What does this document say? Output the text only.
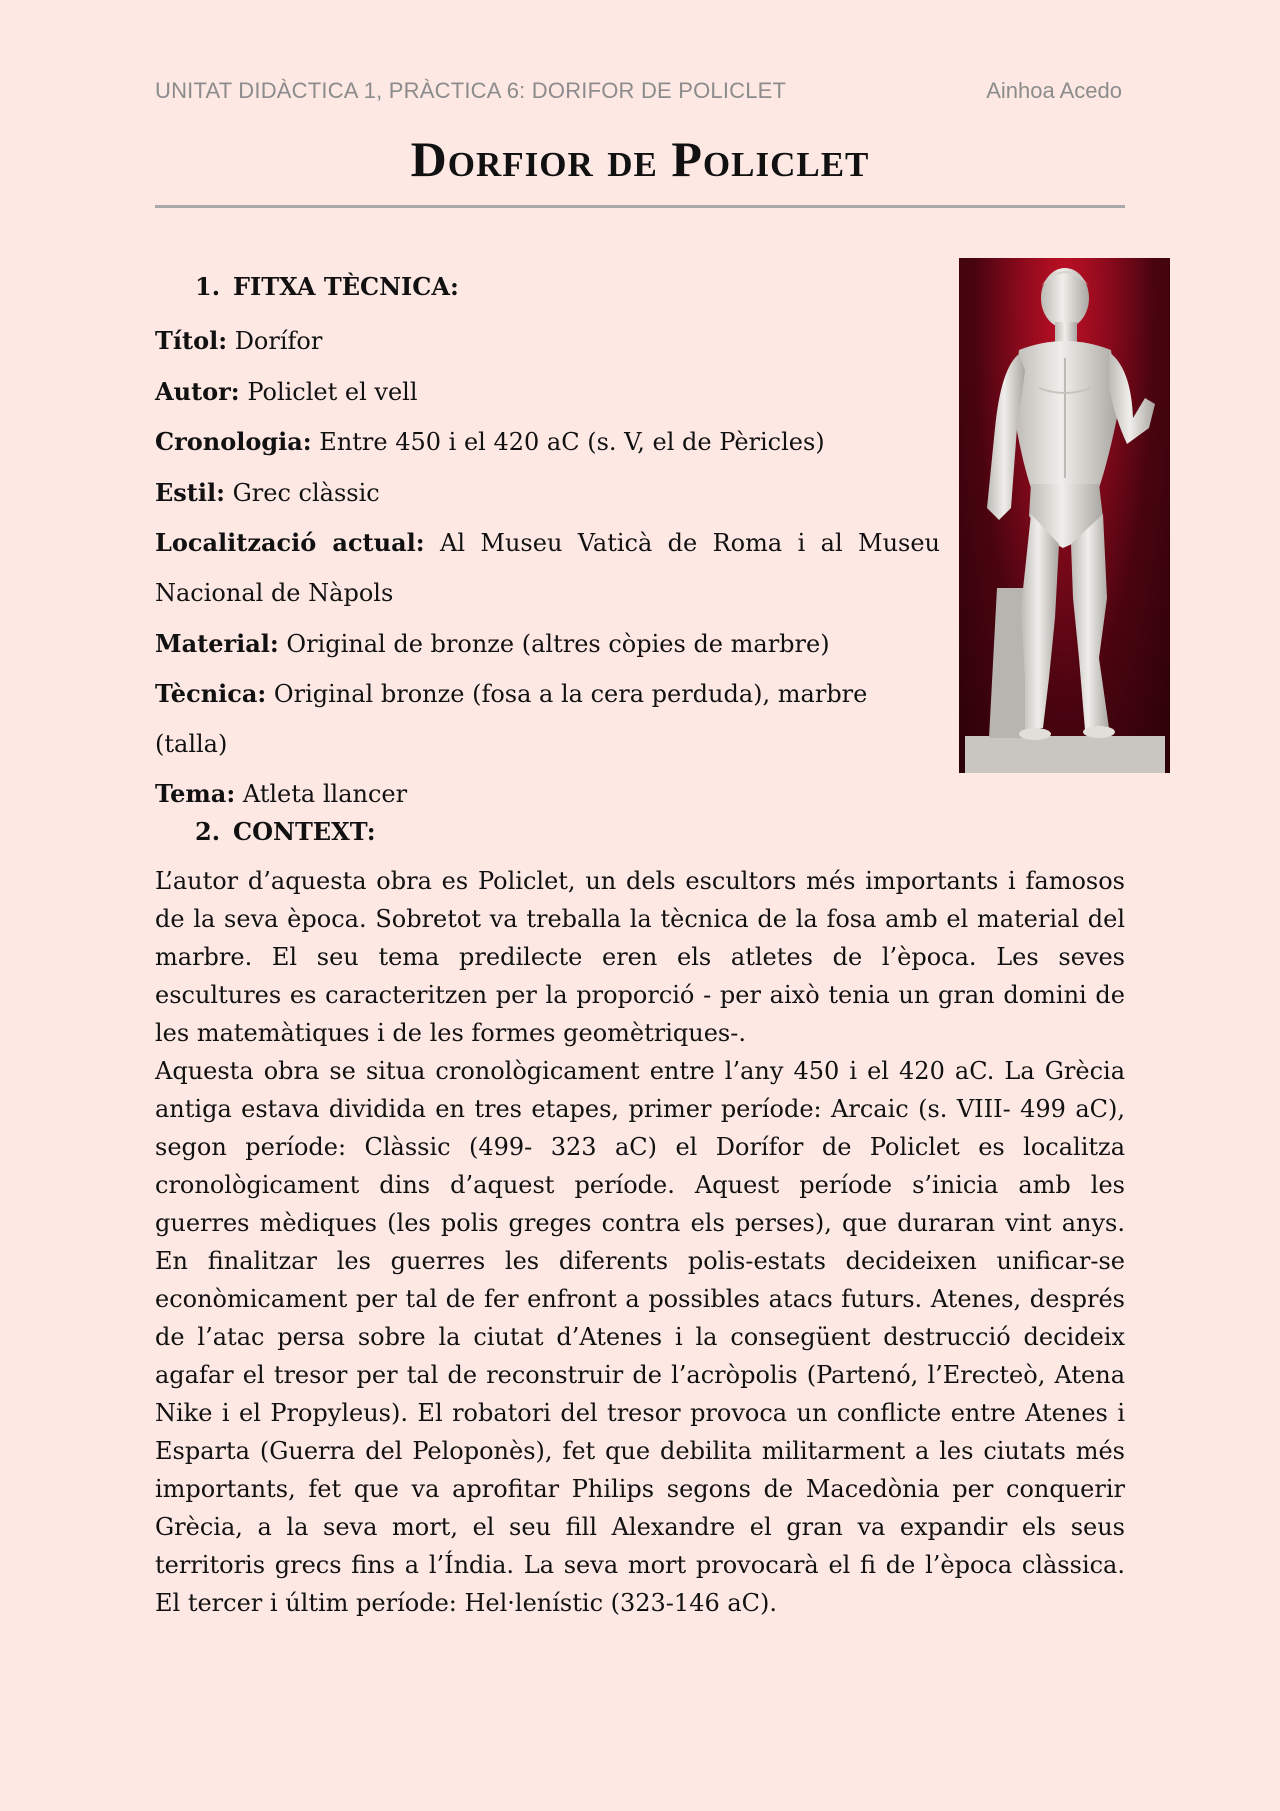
UNITAT DIDÀCTICA 1, PRÀCTICA 6: DORIFOR DE POLICLET	Ainhoa Acedo
Dorfior de Policlet
1. FITXA TÈCNICA:
Títol: Dorífor
Autor: Policlet el vell
Cronologia: Entre 450 i el 420 aC (s. V, el de Pèricles)
Estil: Grec clàssic
Localització actual: Al Museu Vaticà de Roma i al Museu Nacional de Nàpols
Material: Original de bronze (altres còpies de marbre)
Tècnica: Original bronze (fosa a la cera perduda), marbre (talla)
Tema: Atleta llancer
2. CONTEXT:

L’autor d’aquesta obra es Policlet, un dels escultors més importants i famosos de la seva època. Sobretot va treballa la tècnica de la fosa amb el material del marbre. El seu tema predilecte eren els atletes de l’època. Les seves escultures es caracteritzen per la proporció - per això tenia un gran domini de les matemàtiques i de les formes geomètriques-.

Aquesta obra se situa cronològicament entre l’any 450 i el 420 aC. La Grècia antiga estava dividida en tres etapes, primer període: Arcaic (s. VIII- 499 aC), segon període: Clàssic (499- 323 aC) el Dorífor de Policlet es localitza cronològicament dins d’aquest període. Aquest període s’inicia amb les guerres mèdiques (les polis greges contra els perses), que duraran vint anys. En finalitzar les guerres les diferents polis-estats decideixen unificar-se econòmicament per tal de fer enfront a possibles atacs futurs. Atenes, després de l’atac persa sobre la ciutat d’Atenes i la consegüent destrucció decideix agafar el tresor per tal de reconstruir de l’acròpolis (Partenó, l’Erecteò, Atena Nike i el Propyleus). El robatori del tresor provoca un conflicte entre Atenes i Esparta (Guerra del Peloponès), fet que debilita militarment a les ciutats més importants, fet que va aprofitar Philips segons de Macedònia per conquerir Grècia, a la seva mort, el seu fill Alexandre el gran va expandir els seus territoris grecs fins a l’Índia. La seva mort provocarà el fi de l’època clàssica. El tercer i últim període: Hel·lenístic (323-146 aC).
